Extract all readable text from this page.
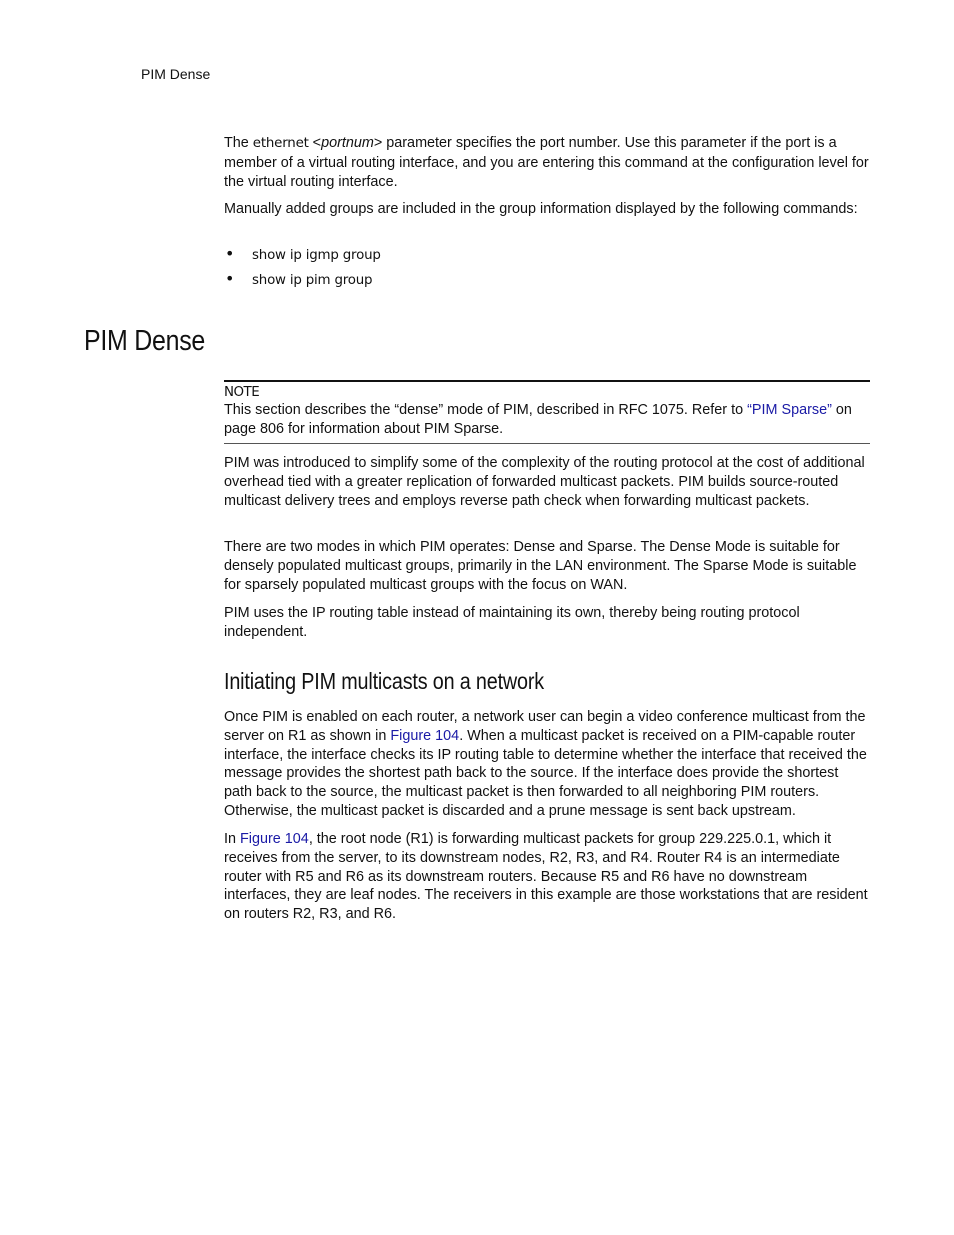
PIM Dense

The ethernet <portnum> parameter specifies the port number. Use this parameter if the port is a member of a virtual routing interface, and you are entering this command at the configuration level for the virtual routing interface.

Manually added groups are included in the group information displayed by the following commands:

• show ip igmp group
• show ip pim group
PIM Dense
NOTE

This section describes the “dense” mode of PIM, described in RFC 1075. Refer to “PIM Sparse” on page 806 for information about PIM Sparse.

PIM was introduced to simplify some of the complexity of the routing protocol at the cost of additional overhead tied with a greater replication of forwarded multicast packets. PIM builds source-routed multicast delivery trees and employs reverse path check when forwarding multicast packets.

There are two modes in which PIM operates: Dense and Sparse. The Dense Mode is suitable for densely populated multicast groups, primarily in the LAN environment. The Sparse Mode is suitable for sparsely populated multicast groups with the focus on WAN.

PIM uses the IP routing table instead of maintaining its own, thereby being routing protocol independent.

Initiating PIM multicasts on a network

Once PIM is enabled on each router, a network user can begin a video conference multicast from the server on R1 as shown in Figure 104. When a multicast packet is received on a PIM-capable router interface, the interface checks its IP routing table to determine whether the interface that received the message provides the shortest path back to the source. If the interface does provide the shortest path back to the source, the multicast packet is then forwarded to all neighboring PIM routers. Otherwise, the multicast packet is discarded and a prune message is sent back upstream.

In Figure 104, the root node (R1) is forwarding multicast packets for group 229.225.0.1, which it receives from the server, to its downstream nodes, R2, R3, and R4. Router R4 is an intermediate router with R5 and R6 as its downstream routers. Because R5 and R6 have no downstream interfaces, they are leaf nodes. The receivers in this example are those workstations that are resident on routers R2, R3, and R6.
